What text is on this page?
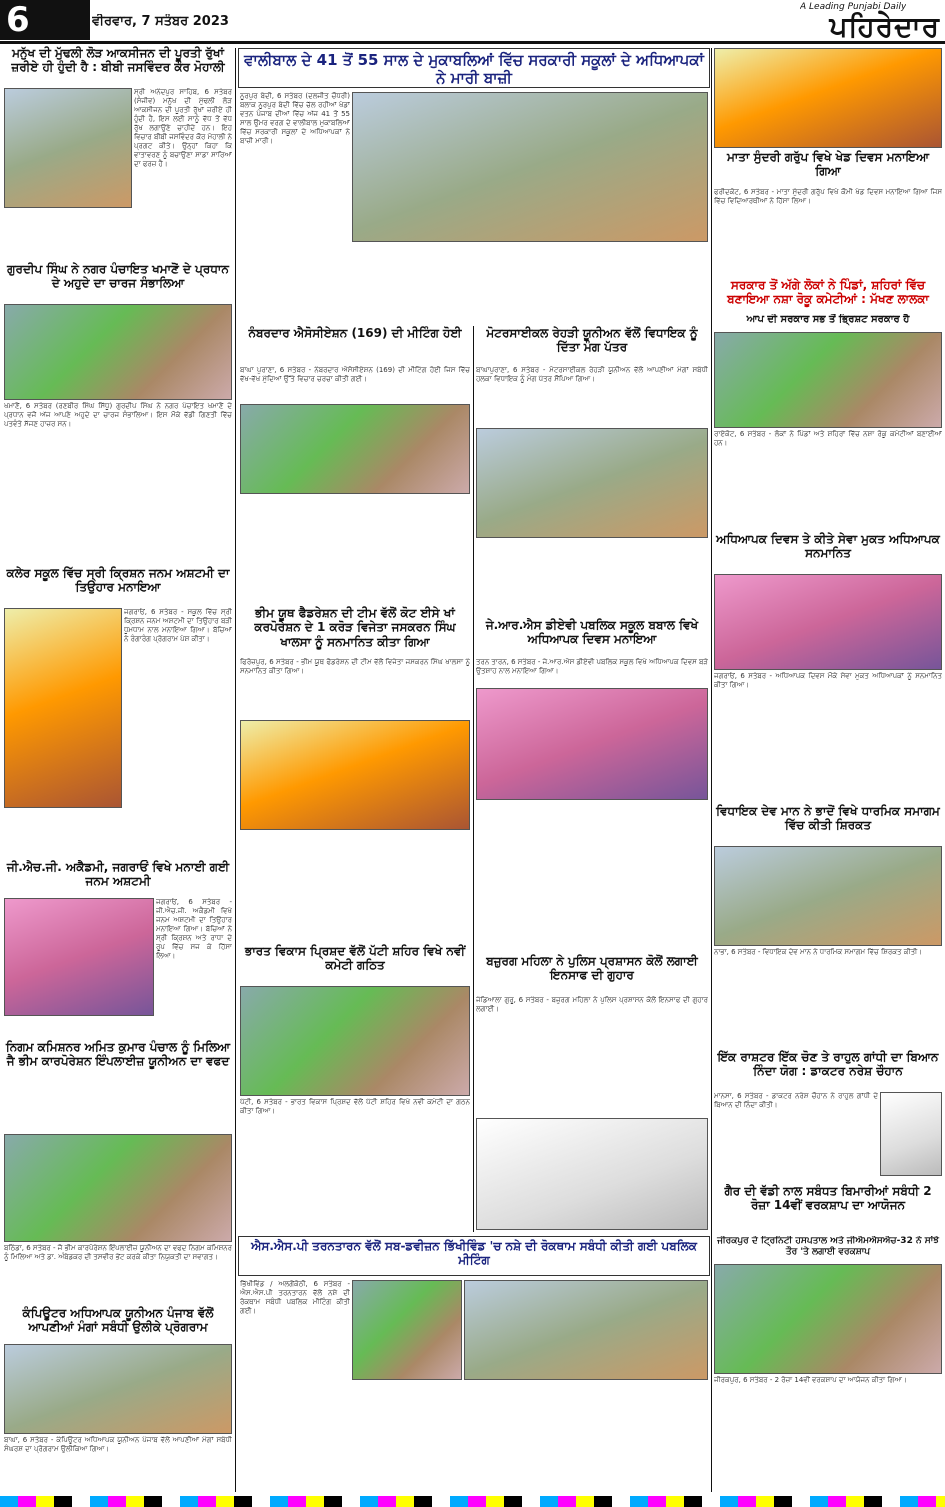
6	ਵੀਰਵਾਰ, 7 ਸਤੰਬਰ 2023
A Leading Punjabi Daily
ਪਹਿਰੇਦਾਰ
ਮਨੁੱਖ ਦੀ ਮੁੱਢਲੀ ਲੋੜ ਆਕਸੀਜਨ ਦੀ ਪੂਰਤੀ ਰੁੱਖਾਂ ਜ਼ਰੀਏ ਹੀ ਹੁੰਦੀ ਹੈ : ਬੀਬੀ ਜਸਵਿੰਦਰ ਕੌਰ ਮੋਹਾਲੀ
ਸ੍ਰੀ ਅਨੰਦਪੁਰ ਸਾਹਿਬ, 6 ਸਤੰਬਰ (ਸੰਜੀਵ) ਮਨੁੱਖ ਦੀ ਮੁੱਢਲੀ ਲੋੜ ਆਕਸੀਜਨ ਦੀ ਪੂਰਤੀ ਰੁੱਖਾਂ ਜ਼ਰੀਏ ਹੀ ਹੁੰਦੀ ਹੈ, ਇਸ ਲਈ ਸਾਨੂੰ ਵੱਧ ਤੋਂ ਵੱਧ ਰੁੱਖ ਲਗਾਉਣੇ ਚਾਹੀਦੇ ਹਨ। ਇਹ ਵਿਚਾਰ ਬੀਬੀ ਜਸਵਿੰਦਰ ਕੌਰ ਮੋਹਾਲੀ ਨੇ ਪ੍ਰਗਟ ਕੀਤੇ। ਉਨ੍ਹਾਂ ਕਿਹਾ ਕਿ ਵਾਤਾਵਰਣ ਨੂੰ ਬਚਾਉਣਾ ਸਾਡਾ ਸਾਰਿਆਂ ਦਾ ਫਰਜ਼ ਹੈ।
ਗੁਰਦੀਪ ਸਿੰਘ ਨੇ ਨਗਰ ਪੰਚਾਇਤ ਖਮਾਣੋਂ ਦੇ ਪ੍ਰਧਾਨ ਦੇ ਅਹੁਦੇ ਦਾ ਚਾਰਜ ਸੰਭਾਲਿਆ
ਖਮਾਣੋਂ, 6 ਸਤੰਬਰ (ਰਣਬੀਰ ਸਿੰਘ ਸਿੱਧੂ) ਗੁਰਦੀਪ ਸਿੰਘ ਨੇ ਨਗਰ ਪੰਚਾਇਤ ਖਮਾਣੋਂ ਦੇ ਪ੍ਰਧਾਨ ਵਜੋਂ ਅੱਜ ਆਪਣੇ ਅਹੁਦੇ ਦਾ ਚਾਰਜ ਸੰਭਾਲਿਆ। ਇਸ ਮੌਕੇ ਵੱਡੀ ਗਿਣਤੀ ਵਿੱਚ ਪਤਵੰਤੇ ਸੱਜਣ ਹਾਜ਼ਰ ਸਨ।
ਕਲੇਰ ਸਕੂਲ ਵਿੱਚ ਸ੍ਰੀ ਕ੍ਰਿਸ਼ਨ ਜਨਮ ਅਸ਼ਟਮੀ ਦਾ ਤਿਉਹਾਰ ਮਨਾਇਆ
ਜਗਰਾਓਂ, 6 ਸਤੰਬਰ - ਸਕੂਲ ਵਿੱਚ ਸ੍ਰੀ ਕ੍ਰਿਸ਼ਨ ਜਨਮ ਅਸ਼ਟਮੀ ਦਾ ਤਿਉਹਾਰ ਬੜੀ ਧੂਮਧਾਮ ਨਾਲ ਮਨਾਇਆ ਗਿਆ। ਬੱਚਿਆਂ ਨੇ ਰੰਗਾਰੰਗ ਪ੍ਰੋਗਰਾਮ ਪੇਸ਼ ਕੀਤਾ।
ਜੀ.ਐਚ.ਜੀ. ਅਕੈਡਮੀ, ਜਗਰਾਓਂ ਵਿਖੇ ਮਨਾਈ ਗਈ ਜਨਮ ਅਸ਼ਟਮੀ
ਜਗਰਾਓਂ, 6 ਸਤੰਬਰ - ਜੀ.ਐਚ.ਜੀ. ਅਕੈਡਮੀ ਵਿਖੇ ਜਨਮ ਅਸ਼ਟਮੀ ਦਾ ਤਿਉਹਾਰ ਮਨਾਇਆ ਗਿਆ। ਬੱਚਿਆਂ ਨੇ ਸ੍ਰੀ ਕ੍ਰਿਸ਼ਨ ਅਤੇ ਰਾਧਾ ਦੇ ਰੂਪ ਵਿੱਚ ਸਜ ਕੇ ਹਿੱਸਾ ਲਿਆ।
ਨਿਗਮ ਕਮਿਸ਼ਨਰ ਅਮਿਤ ਕੁਮਾਰ ਪੰਚਾਲ ਨੂੰ ਮਿਲਿਆ ਜੈ ਭੀਮ ਕਾਰਪੋਰੇਸ਼ਨ ਇੰਪਲਾਈਜ਼ ਯੂਨੀਅਨ ਦਾ ਵਫਦ
ਬਠਿੰਡਾ, 6 ਸਤੰਬਰ - ਜੈ ਭੀਮ ਕਾਰਪੋਰੇਸ਼ਨ ਇੰਪਲਾਈਜ਼ ਯੂਨੀਅਨ ਦਾ ਵਫਦ ਨਿਗਮ ਕਮਿਸ਼ਨਰ ਨੂੰ ਮਿਲਿਆ ਅਤੇ ਡਾ. ਅੰਬੇਡਕਰ ਦੀ ਤਸਵੀਰ ਭੇਂਟ ਕਰਕੇ ਕੀਤਾ ਨਿਯੁਕਤੀ ਦਾ ਸਵਾਗਤ।
ਕੰਪਿਊਟਰ ਅਧਿਆਪਕ ਯੂਨੀਅਨ ਪੰਜਾਬ ਵੱਲੋਂ ਆਪਣੀਆਂ ਮੰਗਾਂ ਸਬੰਧੀ ਉਲੀਕੇ ਪ੍ਰੋਗਰਾਮ
ਬਾਘਾ, 6 ਸਤੰਬਰ - ਕੰਪਿਊਟਰ ਅਧਿਆਪਕ ਯੂਨੀਅਨ ਪੰਜਾਬ ਵੱਲੋਂ ਆਪਣੀਆਂ ਮੰਗਾਂ ਸਬੰਧੀ ਸੰਘਰਸ਼ ਦਾ ਪ੍ਰੋਗਰਾਮ ਉਲੀਕਿਆ ਗਿਆ।
ਵਾਲੀਬਾਲ ਦੇ 41 ਤੋਂ 55 ਸਾਲ ਦੇ ਮੁਕਾਬਲਿਆਂ ਵਿੱਚ ਸਰਕਾਰੀ ਸਕੂਲਾਂ ਦੇ ਅਧਿਆਪਕਾਂ ਨੇ ਮਾਰੀ ਬਾਜ਼ੀ
ਨੂਰਪੁਰ ਬੇਦੀ, 6 ਸਤੰਬਰ (ਦਲਜੀਤ ਚੌਧਰੀ) ਬਲਾਕ ਨੂਰਪੁਰ ਬੇਦੀ ਵਿੱਚ ਚੱਲ ਰਹੀਆਂ ਖੇਡਾਂ ਵਤਨ ਪੰਜਾਬ ਦੀਆਂ ਵਿੱਚ ਅੱਜ 41 ਤੋਂ 55 ਸਾਲ ਉਮਰ ਵਰਗ ਦੇ ਵਾਲੀਬਾਲ ਮੁਕਾਬਲਿਆਂ ਵਿੱਚ ਸਰਕਾਰੀ ਸਕੂਲਾਂ ਦੇ ਅਧਿਆਪਕਾਂ ਨੇ ਬਾਜ਼ੀ ਮਾਰੀ।
ਨੰਬਰਦਾਰ ਐਸੋਸੀਏਸ਼ਨ (169) ਦੀ ਮੀਟਿੰਗ ਹੋਈ
ਬਾਘਾ ਪੁਰਾਣਾ, 6 ਸਤੰਬਰ - ਨੰਬਰਦਾਰ ਐਸੋਸੀਏਸ਼ਨ (169) ਦੀ ਮੀਟਿੰਗ ਹੋਈ ਜਿਸ ਵਿੱਚ ਵੱਖ-ਵੱਖ ਮੁੱਦਿਆਂ ਉੱਤੇ ਵਿਚਾਰ ਚਰਚਾ ਕੀਤੀ ਗਈ।
ਭੀਮ ਯੂਥ ਫੈਡਰੇਸ਼ਨ ਦੀ ਟੀਮ ਵੱਲੋਂ ਕੋਟ ਈਸੇ ਖਾਂ ਕਰਪੋਰੇਸ਼ਨ ਦੇ 1 ਕਰੋੜ ਵਿਜੇਤਾ ਜਸਕਰਨ ਸਿੰਘ ਖਾਲਸਾ ਨੂੰ ਸਨਮਾਨਿਤ ਕੀਤਾ ਗਿਆ
ਫਿਰੋਜ਼ਪੁਰ, 6 ਸਤੰਬਰ - ਭੀਮ ਯੂਥ ਫੈਡਰੇਸ਼ਨ ਦੀ ਟੀਮ ਵੱਲੋਂ ਵਿਜੇਤਾ ਜਸਕਰਨ ਸਿੰਘ ਖਾਲਸਾ ਨੂੰ ਸਨਮਾਨਿਤ ਕੀਤਾ ਗਿਆ।
ਭਾਰਤ ਵਿਕਾਸ ਪ੍ਰਿਸ਼ਦ ਵੱਲੋਂ ਪੱਟੀ ਸ਼ਹਿਰ ਵਿਖੇ ਨਵੀਂ ਕਮੇਟੀ ਗਠਿਤ
ਪੱਟੀ, 6 ਸਤੰਬਰ - ਭਾਰਤ ਵਿਕਾਸ ਪ੍ਰਿਸ਼ਦ ਵੱਲੋਂ ਪੱਟੀ ਸ਼ਹਿਰ ਵਿਖੇ ਨਵੀਂ ਕਮੇਟੀ ਦਾ ਗਠਨ ਕੀਤਾ ਗਿਆ।
ਮੋਟਰਸਾਈਕਲ ਰੇਹੜੀ ਯੂਨੀਅਨ ਵੱਲੋਂ ਵਿਧਾਇਕ ਨੂੰ ਦਿੱਤਾ ਮੰਗ ਪੱਤਰ
ਬਾਘਾਪੁਰਾਣਾ, 6 ਸਤੰਬਰ - ਮੋਟਰਸਾਈਕਲ ਰੇਹੜੀ ਯੂਨੀਅਨ ਵੱਲੋਂ ਆਪਣੀਆਂ ਮੰਗਾਂ ਸਬੰਧੀ ਹਲਕਾ ਵਿਧਾਇਕ ਨੂੰ ਮੰਗ ਪੱਤਰ ਸੌਂਪਿਆ ਗਿਆ।
ਜੇ.ਆਰ.ਐਸ ਡੀਏਵੀ ਪਬਲਿਕ ਸਕੂਲ ਬਬਾਲ ਵਿਖੇ ਅਧਿਆਪਕ ਦਿਵਸ ਮਨਾਇਆ
ਤਰਨ ਤਾਰਨ, 6 ਸਤੰਬਰ - ਜੇ.ਆਰ.ਐਸ ਡੀਏਵੀ ਪਬਲਿਕ ਸਕੂਲ ਵਿਖੇ ਅਧਿਆਪਕ ਦਿਵਸ ਬੜੇ ਉਤਸ਼ਾਹ ਨਾਲ ਮਨਾਇਆ ਗਿਆ।
ਬਜ਼ੁਰਗ ਮਹਿਲਾ ਨੇ ਪੁਲਿਸ ਪ੍ਰਸ਼ਾਸਨ ਕੋਲੋਂ ਲਗਾਈ ਇਨਸਾਫ ਦੀ ਗੁਹਾਰ
ਜੰਡਿਆਲਾ ਗੁਰੂ, 6 ਸਤੰਬਰ - ਬਜ਼ੁਰਗ ਮਹਿਲਾ ਨੇ ਪੁਲਿਸ ਪ੍ਰਸ਼ਾਸਨ ਕੋਲੋਂ ਇਨਸਾਫ ਦੀ ਗੁਹਾਰ ਲਗਾਈ।
ਐਸ.ਐਸ.ਪੀ ਤਰਨਤਾਰਨ ਵੱਲੋਂ ਸਬ-ਡਵੀਜ਼ਨ ਭਿੱਖੀਵਿੰਡ 'ਚ ਨਸ਼ੇ ਦੀ ਰੋਕਥਾਮ ਸਬੰਧੀ ਕੀਤੀ ਗਈ ਪਬਲਿਕ ਮੀਟਿੰਗ
ਭਿੱਖੀਵਿੰਡ / ਅਲਗੋਂਕੋਠੀ, 6 ਸਤੰਬਰ - ਐਸ.ਐਸ.ਪੀ ਤਰਨਤਾਰਨ ਵੱਲੋਂ ਨਸ਼ੇ ਦੀ ਰੋਕਥਾਮ ਸਬੰਧੀ ਪਬਲਿਕ ਮੀਟਿੰਗ ਕੀਤੀ ਗਈ।
ਮਾਤਾ ਸੁੰਦਰੀ ਗਰੁੱਪ ਵਿਖੇ ਖੇਡ ਦਿਵਸ ਮਨਾਇਆ ਗਿਆ
ਫਰੀਦਕੋਟ, 6 ਸਤੰਬਰ - ਮਾਤਾ ਸੁੰਦਰੀ ਗਰੁੱਪ ਵਿਖੇ ਕੌਮੀ ਖੇਡ ਦਿਵਸ ਮਨਾਇਆ ਗਿਆ ਜਿਸ ਵਿੱਚ ਵਿਦਿਆਰਥੀਆਂ ਨੇ ਹਿੱਸਾ ਲਿਆ।
ਸਰਕਾਰ ਤੋਂ ਅੱਗੇ ਲੋਕਾਂ ਨੇ ਪਿੰਡਾਂ, ਸ਼ਹਿਰਾਂ ਵਿੱਚ ਬਣਾਇਆ ਨਸ਼ਾ ਰੋਕੂ ਕਮੇਟੀਆਂ : ਮੱਖਣ ਲਾਲਕਾ
ਆਪ ਦੀ ਸਰਕਾਰ ਸਭ ਤੋਂ ਭ੍ਰਿਸ਼ਟ ਸਰਕਾਰ ਹੈ
ਰਾਏਕੋਟ, 6 ਸਤੰਬਰ - ਲੋਕਾਂ ਨੇ ਪਿੰਡਾਂ ਅਤੇ ਸ਼ਹਿਰਾਂ ਵਿੱਚ ਨਸ਼ਾ ਰੋਕੂ ਕਮੇਟੀਆਂ ਬਣਾਈਆਂ ਹਨ।
ਅਧਿਆਪਕ ਦਿਵਸ ਤੇ ਕੀਤੇ ਸੇਵਾ ਮੁਕਤ ਅਧਿਆਪਕ ਸਨਮਾਨਿਤ
ਜਗਰਾਓਂ, 6 ਸਤੰਬਰ - ਅਧਿਆਪਕ ਦਿਵਸ ਮੌਕੇ ਸੇਵਾ ਮੁਕਤ ਅਧਿਆਪਕਾਂ ਨੂੰ ਸਨਮਾਨਿਤ ਕੀਤਾ ਗਿਆ।
ਵਿਧਾਇਕ ਦੇਵ ਮਾਨ ਨੇ ਭਾਦੋਂ ਵਿਖੇ ਧਾਰਮਿਕ ਸਮਾਗਮ ਵਿੱਚ ਕੀਤੀ ਸ਼ਿਰਕਤ
ਨਾਭਾ, 6 ਸਤੰਬਰ - ਵਿਧਾਇਕ ਦੇਵ ਮਾਨ ਨੇ ਧਾਰਮਿਕ ਸਮਾਗਮ ਵਿੱਚ ਸ਼ਿਰਕਤ ਕੀਤੀ।
ਇੱਕ ਰਾਸ਼ਟਰ ਇੱਕ ਚੋਣ ਤੇ ਰਾਹੁਲ ਗਾਂਧੀ ਦਾ ਬਿਆਨ ਨਿੰਦਾ ਯੋਗ : ਡਾਕਟਰ ਨਰੇਸ਼ ਚੌਹਾਨ
ਮਾਨਸਾ, 6 ਸਤੰਬਰ - ਡਾਕਟਰ ਨਰੇਸ਼ ਚੌਹਾਨ ਨੇ ਰਾਹੁਲ ਗਾਂਧੀ ਦੇ ਬਿਆਨ ਦੀ ਨਿੰਦਾ ਕੀਤੀ।
ਗੈਰ ਦੀ ਵੱਡੀ ਨਾਲ ਸਬੰਧਤ ਬਿਮਾਰੀਆਂ ਸਬੰਧੀ 2 ਰੋਜ਼ਾ 14ਵੀਂ ਵਰਕਸ਼ਾਪ ਦਾ ਆਯੋਜਨ
ਜੀਰਕਪੁਰ ਦੇ ਟ੍ਰਿਨਿਟੀ ਹਸਪਤਾਲ ਅਤੇ ਜੀਐਮਐਸਐਚ-32 ਨੇ ਸਾਂਝੇ ਤੌਰ 'ਤੇ ਲਗਾਈ ਵਰਕਸ਼ਾਪ
ਜੀਰਕਪੁਰ, 6 ਸਤੰਬਰ - 2 ਰੋਜ਼ਾ 14ਵੀਂ ਵਰਕਸ਼ਾਪ ਦਾ ਆਯੋਜਨ ਕੀਤਾ ਗਿਆ।
